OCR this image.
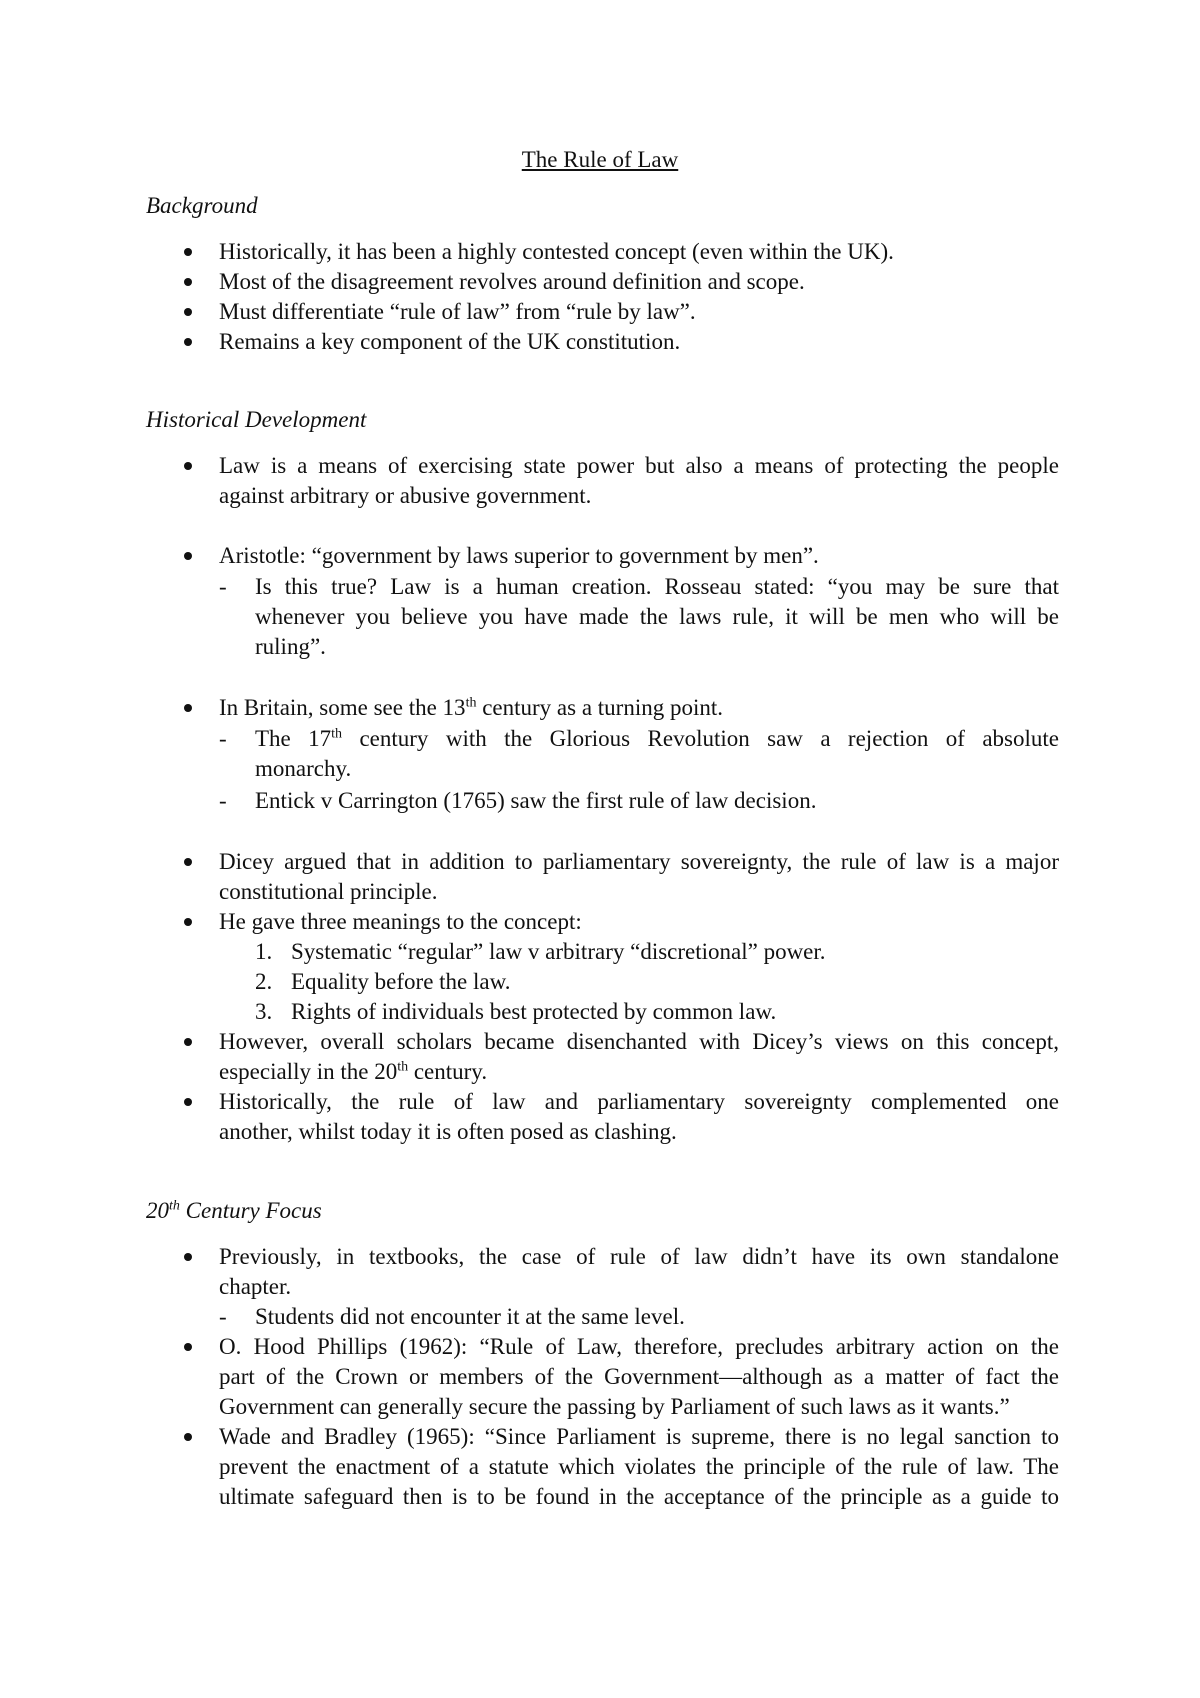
The Rule of Law
Background
Historically, it has been a highly contested concept (even within the UK).
Most of the disagreement revolves around definition and scope.
Must differentiate “rule of law” from “rule by law”.
Remains a key component of the UK constitution.
Historical Development
Law is a means of exercising state power but also a means of protecting the people
against arbitrary or abusive government.
Aristotle: “government by laws superior to government by men”.
- Is this true? Law is a human creation. Rosseau stated: “you may be sure that
whenever you believe you have made the laws rule, it will be men who will be
ruling”.
In Britain, some see the 13th century as a turning point.
- The 17th century with the Glorious Revolution saw a rejection of absolute
monarchy.
- Entick v Carrington (1765) saw the first rule of law decision.
Dicey argued that in addition to parliamentary sovereignty, the rule of law is a major
constitutional principle.
He gave three meanings to the concept:
1. Systematic “regular” law v arbitrary “discretional” power.
2. Equality before the law.
3. Rights of individuals best protected by common law.
However, overall scholars became disenchanted with Dicey’s views on this concept,
especially in the 20th century.
Historically, the rule of law and parliamentary sovereignty complemented one
another, whilst today it is often posed as clashing.
20th Century Focus
Previously, in textbooks, the case of rule of law didn’t have its own standalone
chapter.
- Students did not encounter it at the same level.
O. Hood Phillips (1962): “Rule of Law, therefore, precludes arbitrary action on the
part of the Crown or members of the Government—although as a matter of fact the
Government can generally secure the passing by Parliament of such laws as it wants.”
Wade and Bradley (1965): “Since Parliament is supreme, there is no legal sanction to
prevent the enactment of a statute which violates the principle of the rule of law. The
ultimate safeguard then is to be found in the acceptance of the principle as a guide to
